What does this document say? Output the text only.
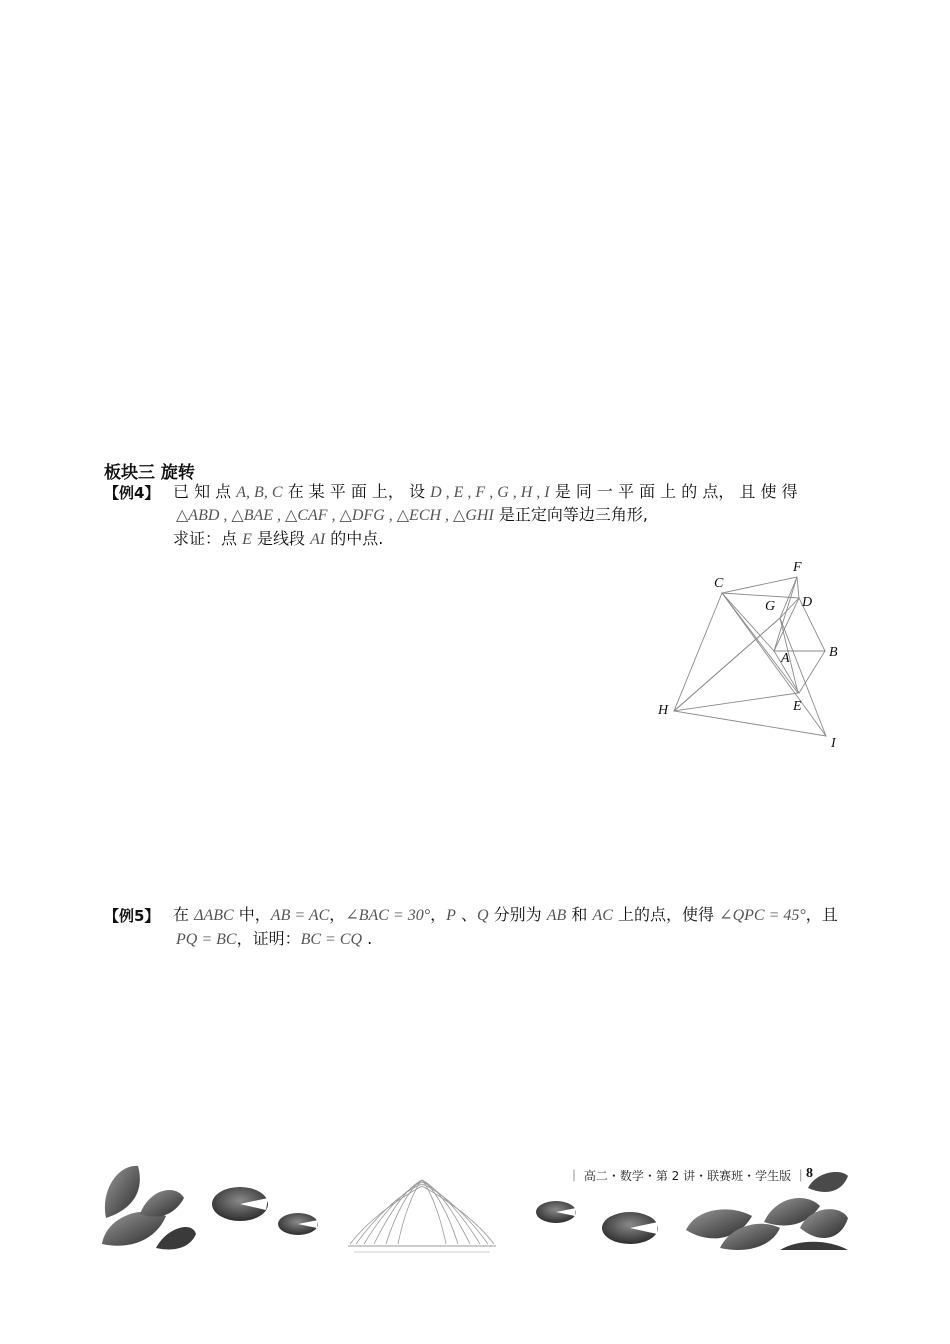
板块三 旋转
【例4】 已 知 点 A, B, C 在 某 平 面 上， 设 D , E , F , G , H , I 是 同 一 平 面 上 的 点， 且 使 得
△ABD , △BAE , △CAF , △DFG , △ECH , △GHI 是正定向等边三角形,
求证：点 E 是线段 AI 的中点.
C
F
G D
A	B
H	E
I
【例5】 在 ΔABC 中，AB = AC，∠BAC = 30°，P 、Q 分别为 AB 和 AC 上的点，使得 ∠QPC = 45°，且
PQ = BC，证明：BC = CQ .
｜ 高二・数学・第 2 讲・联赛班・学生版 ｜ 8
